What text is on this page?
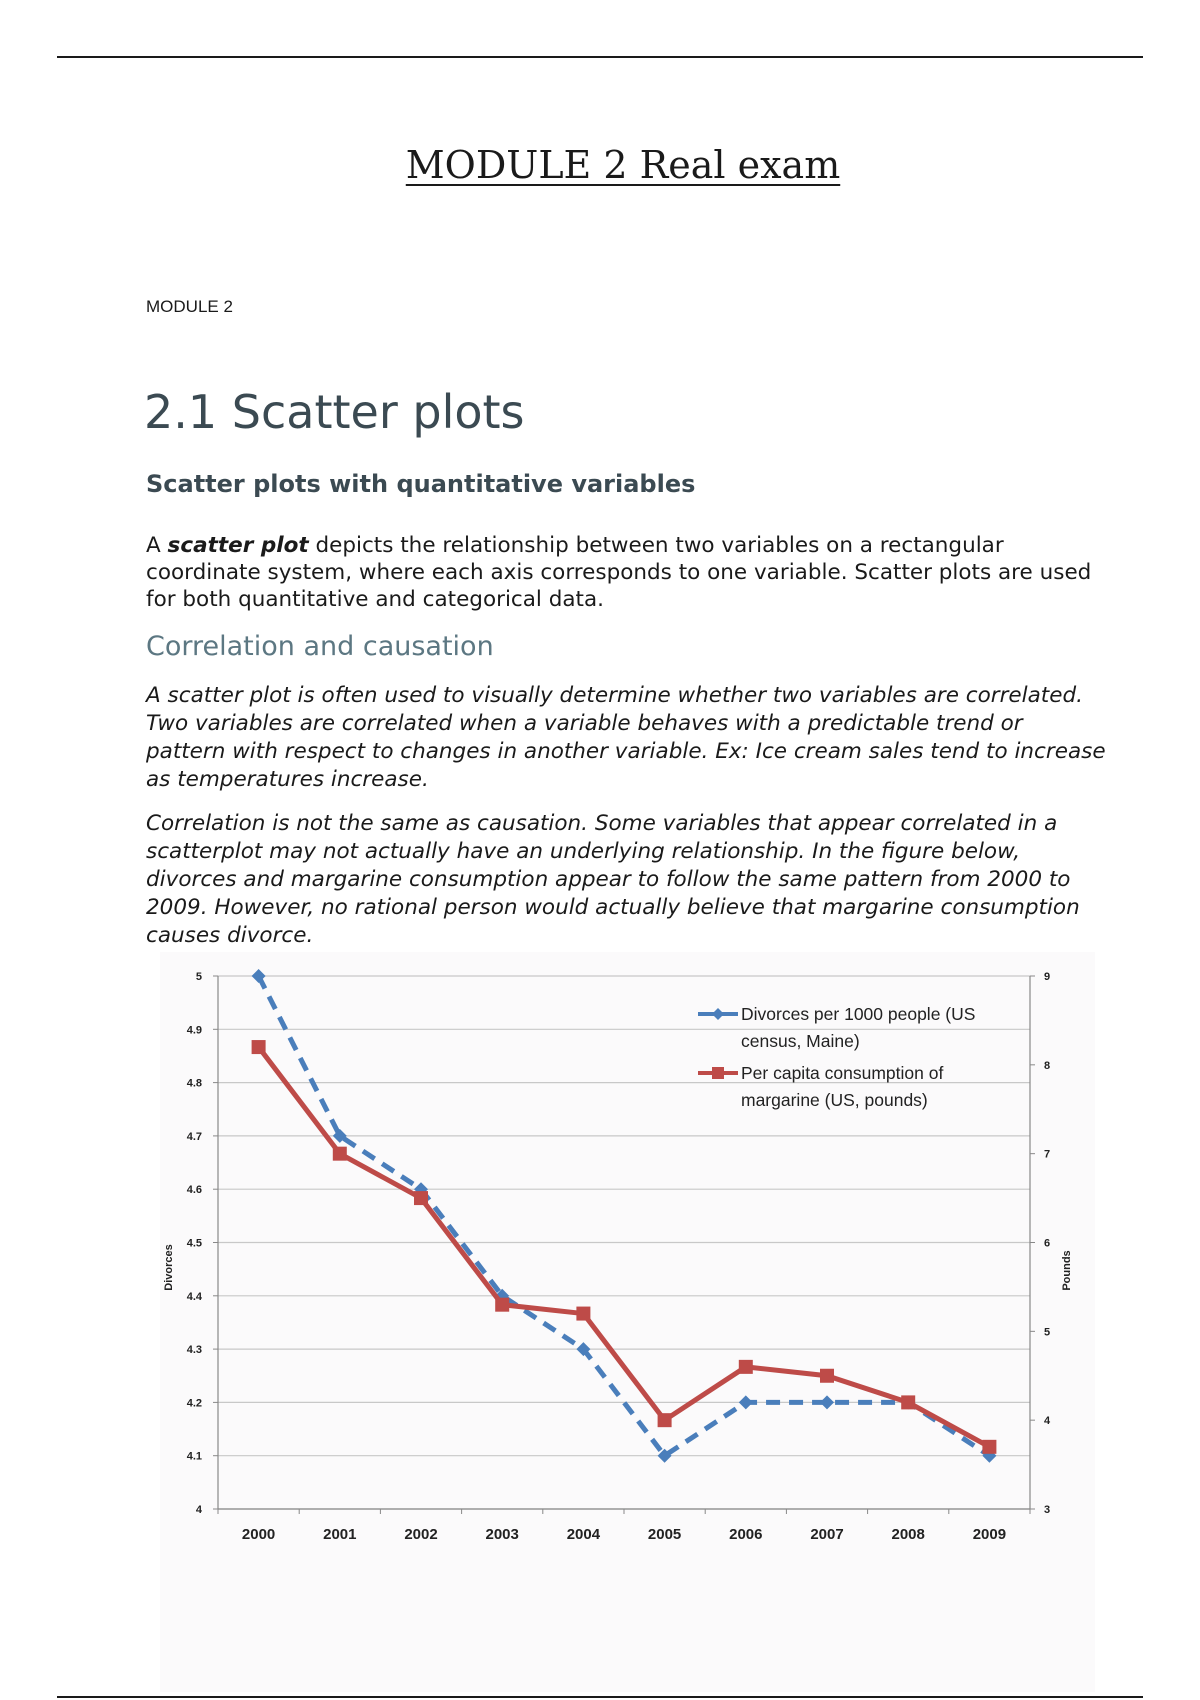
MODULE 2 Real exam
MODULE 2
2.1 Scatter plots
Scatter plots with quantitative variables

A scatter plot depicts the relationship between two variables on a rectangular coordinate system, where each axis corresponds to one variable. Scatter plots are used for both quantitative and categorical data.

Correlation and causation

A scatter plot is often used to visually determine whether two variables are correlated. Two variables are correlated when a variable behaves with a predictable trend or pattern with respect to changes in another variable. Ex: Ice cream sales tend to increase as temperatures increase.

Correlation is not the same as causation. Some variables that appear correlated in a scatterplot may not actually have an underlying relationship. In the figure below, divorces and margarine consumption appear to follow the same pattern from 2000 to 2009. However, no rational person would actually believe that margarine consumption causes divorce.

4
4.1
4.2
4.3
4.4
4.5
4.6
4.7
4.8
4.9
5
3
4
5
6
7
8
9
2000	2001	2002	2003	2004	2005	2006	2007	2008	2009
Divorces	Pounds
Divorces per 1000 people (US
census, Maine)
Per capita consumption of
margarine (US, pounds)
